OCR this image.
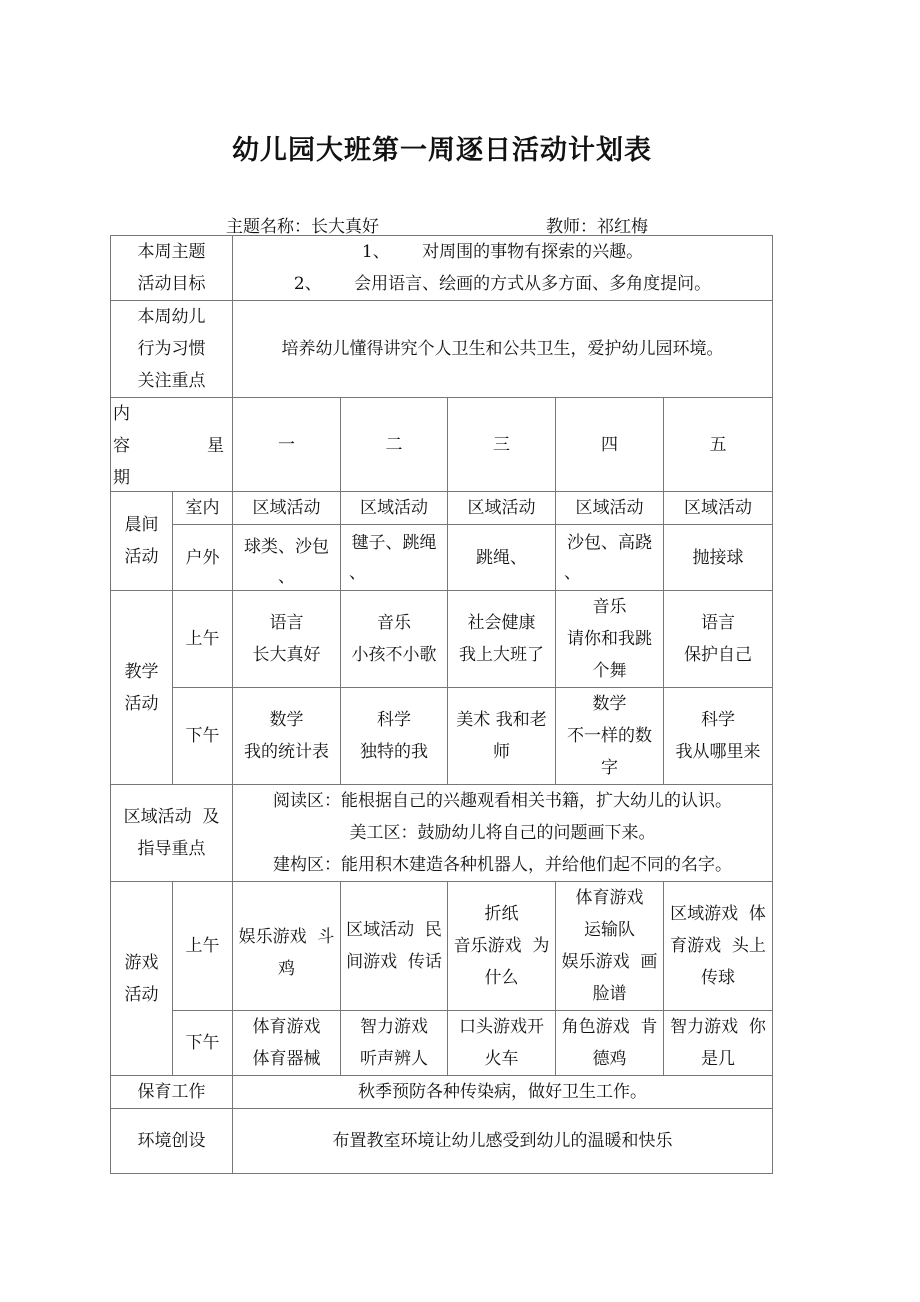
幼儿园大班第一周逐日活动计划表
主题名称：长大真好	教师：祁红梅
本周主题
活动目标		1、      对周围的事物有探索的兴趣。
2、      会用语言、绘画的方式从多方面、多角度提问。				

本周幼儿
行为习惯
关注重点		培养幼儿懂得讲究个人卫生和公共卫生，爱护幼儿园环境。				

内
容 星
期		一	二	三	四	五

晨间
活动	室内	区域活动	区域活动	区域活动	区域活动	区域活动
	户外	球类、沙包
、	毽子、跳绳
、	跳绳、	沙包、高跷
、	抛接球

教学
活动	上午	语言
长大真好	音乐
小孩不小歌	社会健康
我上大班了	音乐
请你和我跳
个舞	语言
保护自己

	下午	数学
我的统计表	科学
独特的我	美术 我和老
师	数学
不一样的数
字	科学
我从哪里来

区域活动  及
指导重点		阅读区：能根据自己的兴趣观看相关书籍，扩大幼儿的认识。
美工区：鼓励幼儿将自己的问题画下来。
建构区：能用积木建造各种机器人，并给他们起不同的名字。				

游戏
活动	上午	娱乐游戏  斗
鸡	区域活动  民
间游戏  传话	折纸
音乐游戏  为
什么	体育游戏
运输队
娱乐游戏  画
脸谱	区域游戏  体
育游戏  头上
传球

	下午	体育游戏
体育器械	智力游戏
听声辨人	口头游戏开
火车	角色游戏  肯
德鸡	智力游戏  你
是几

保育工作		秋季预防各种传染病，做好卫生工作。				
环境创设		布置教室环境让幼儿感受到幼儿的温暖和快乐				
